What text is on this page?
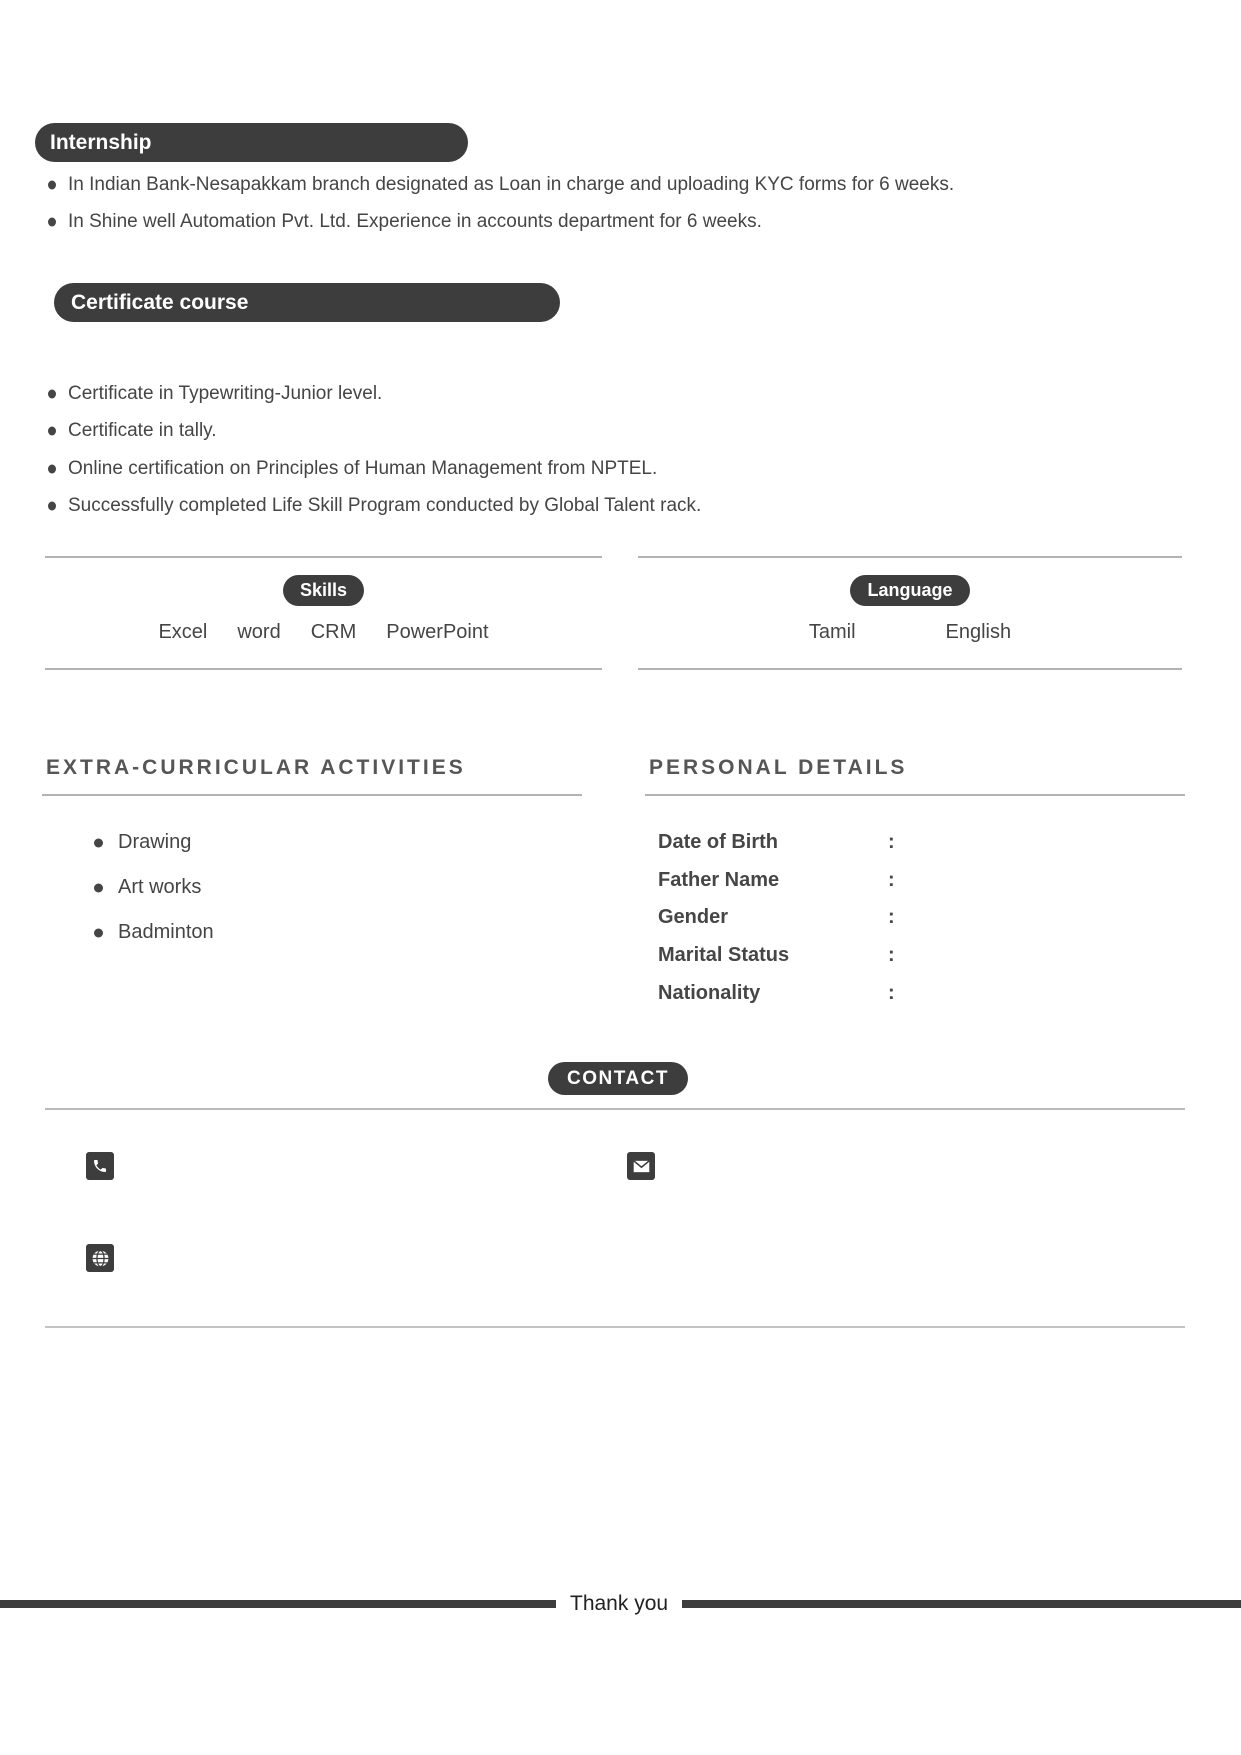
Internship
In Indian Bank-Nesapakkam branch designated as Loan in charge and uploading KYC forms for 6 weeks.
In Shine well Automation Pvt. Ltd. Experience in accounts department for 6 weeks.
Certificate course
Certificate in Typewriting-Junior level.
Certificate in tally.
Online certification on Principles of Human Management from NPTEL.
Successfully completed Life Skill Program conducted by Global Talent rack.
Skills
Excel word CRM PowerPoint
Language
Tamil	English
EXTRA-CURRICULAR ACTIVITIES
Drawing
Art works
Badminton
PERSONAL DETAILS
Date of Birth	:
Father Name	:
Gender	:
Marital Status	:
Nationality	:
CONTACT
Thank you
